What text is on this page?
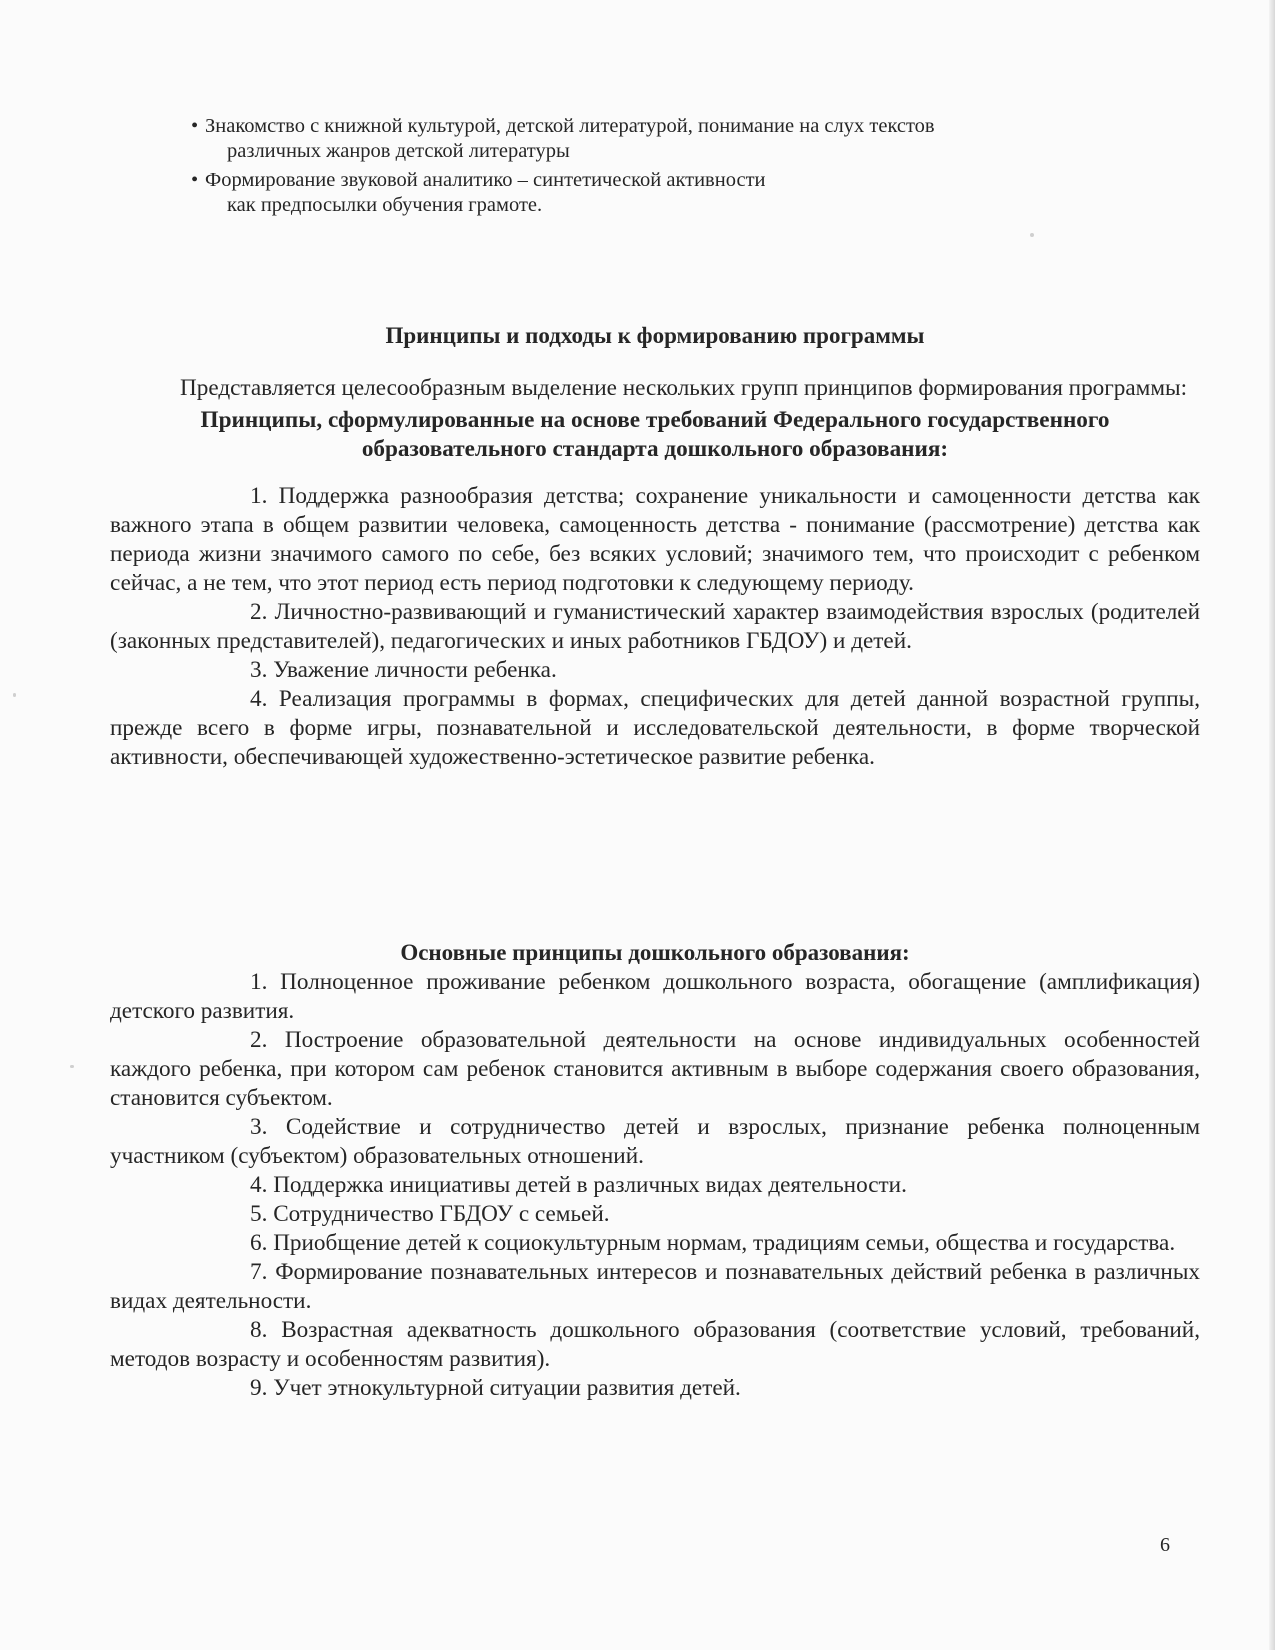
• Знакомство с книжной культурой, детской литературой, понимание на слух текстов
различных жанров детской литературы
• Формирование звуковой аналитико – синтетической активности
как предпосылки обучения грамоте.
Принципы и подходы к формированию программы

Представляется целесообразным выделение нескольких групп принципов формирования программы:

Принципы, сформулированные на основе требований Федерального государственного образовательного стандарта дошкольного образования:

1. Поддержка разнообразия детства; сохранение уникальности и самоценности детства как важного этапа в общем развитии человека, самоценность детства - понимание (рассмотрение) детства как периода жизни значимого самого по себе, без всяких условий; значимого тем, что происходит с ребенком сейчас, а не тем, что этот период есть период подготовки к следующему периоду.

2. Личностно-развивающий и гуманистический характер взаимодействия взрослых (родителей (законных представителей), педагогических и иных работников ГБДОУ) и детей.

3. Уважение личности ребенка.

4. Реализация программы в формах, специфических для детей данной возрастной группы, прежде всего в форме игры, познавательной и исследовательской деятельности, в форме творческой активности, обеспечивающей художественно-эстетическое развитие ребенка.

Основные принципы дошкольного образования:

1. Полноценное проживание ребенком дошкольного возраста, обогащение (амплификация) детского развития.

2. Построение образовательной деятельности на основе индивидуальных особенностей каждого ребенка, при котором сам ребенок становится активным в выборе содержания своего образования, становится субъектом.

3. Содействие и сотрудничество детей и взрослых, признание ребенка полноценным участником (субъектом) образовательных отношений.

4. Поддержка инициативы детей в различных видах деятельности.

5. Сотрудничество ГБДОУ с семьей.

6. Приобщение детей к социокультурным нормам, традициям семьи, общества и государства.

7. Формирование познавательных интересов и познавательных действий ребенка в различных видах деятельности.

8. Возрастная адекватность дошкольного образования (соответствие условий, требований, методов возрасту и особенностям развития).

9. Учет этнокультурной ситуации развития детей.

6
